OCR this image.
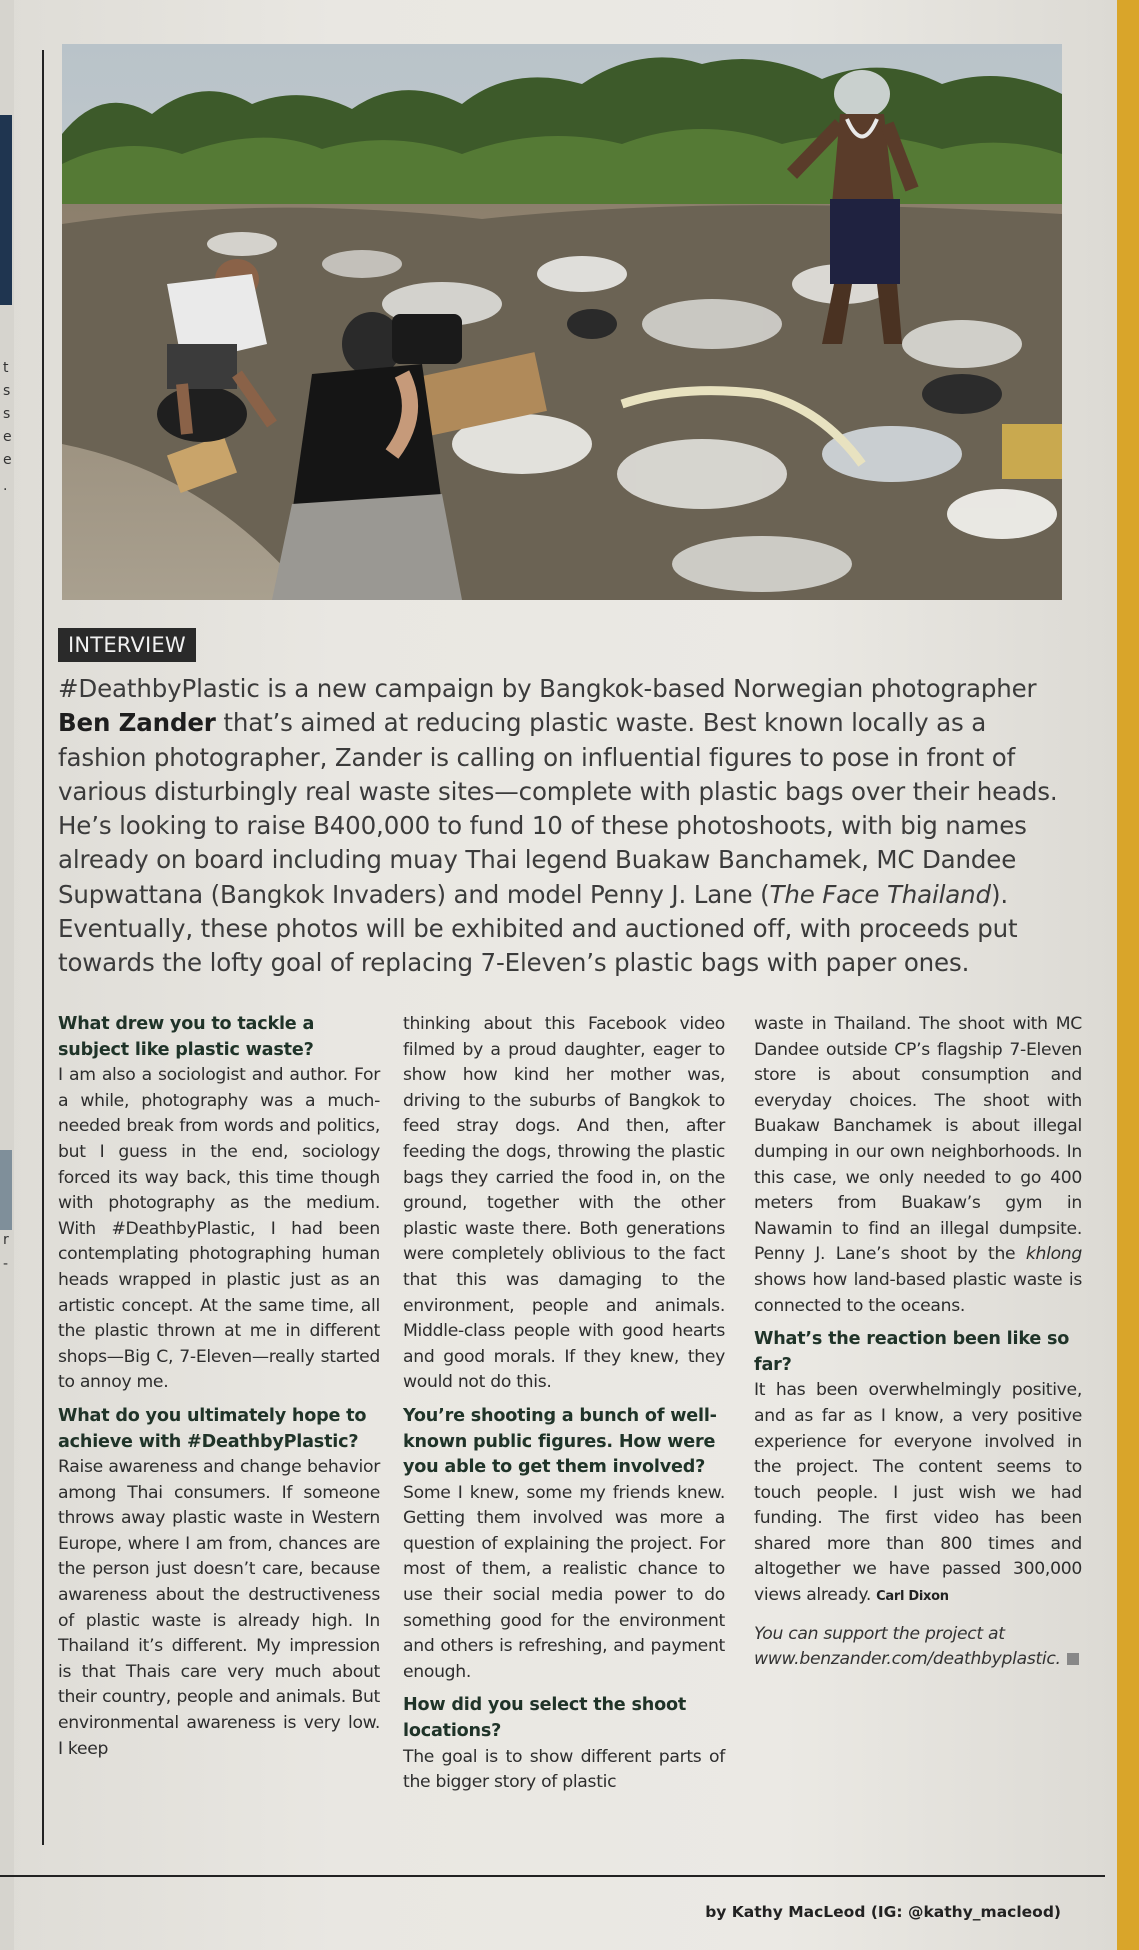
t
s
s
e
e
.
r
-
INTERVIEW

#DeathbyPlastic is a new campaign by Bangkok-based Norwegian photographer Ben Zander that’s aimed at reducing plastic waste. Best known locally as a fashion photographer, Zander is calling on influential figures to pose in front of various disturbingly real waste sites—complete with plastic bags over their heads. He’s looking to raise B400,000 to fund 10 of these photoshoots, with big names already on board including muay Thai legend Buakaw Banchamek, MC Dandee Supwattana (Bangkok Invaders) and model Penny J. Lane (The Face Thailand). Eventually, these photos will be exhibited and auctioned off, with proceeds put towards the lofty goal of replacing 7-Eleven’s plastic bags with paper ones.

What drew you to tackle a subject like plastic waste?

I am also a sociologist and author. For a while, photography was a much-needed break from words and politics, but I guess in the end, sociology forced its way back, this time though with photography as the medium. With #DeathbyPlastic, I had been contemplating photographing human heads wrapped in plastic just as an artistic concept. At the same time, all the plastic thrown at me in different shops—Big C, 7-Eleven—really started to annoy me.

What do you ultimately hope to achieve with #DeathbyPlastic?

Raise awareness and change behavior among Thai consumers. If someone throws away plastic waste in Western Europe, where I am from, chances are the person just doesn’t care, because awareness about the destructiveness of plastic waste is already high. In Thailand it’s different. My impression is that Thais care very much about their country, people and animals. But environmental awareness is very low. I keep

thinking about this Facebook video filmed by a proud daughter, eager to show how kind her mother was, driving to the suburbs of Bangkok to feed stray dogs. And then, after feeding the dogs, throwing the plastic bags they carried the food in, on the ground, together with the other plastic waste there. Both generations were completely oblivious to the fact that this was damaging to the environment, people and animals. Middle-class people with good hearts and good morals. If they knew, they would not do this.

You’re shooting a bunch of well-known public figures. How were you able to get them involved?

Some I knew, some my friends knew. Getting them involved was more a question of explaining the project. For most of them, a realistic chance to use their social media power to do something good for the environment and others is refreshing, and payment enough.

How did you select the shoot locations?

The goal is to show different parts of the bigger story of plastic

waste in Thailand. The shoot with MC Dandee outside CP’s flagship 7-Eleven store is about consumption and everyday choices. The shoot with Buakaw Banchamek is about illegal dumping in our own neighborhoods. In this case, we only needed to go 400 meters from Buakaw’s gym in Nawamin to find an illegal dumpsite. Penny J. Lane’s shoot by the khlong shows how land-based plastic waste is connected to the oceans.

What’s the reaction been like so far?

It has been overwhelmingly positive, and as far as I know, a very positive experience for everyone involved in the project. The content seems to touch people. I just wish we had funding. The first video has been shared more than 800 times and altogether we have passed 300,000 views already. Carl Dixon

You can support the project at www.benzander.com/deathbyplastic.

by Kathy MacLeod (IG: @kathy_macleod)
